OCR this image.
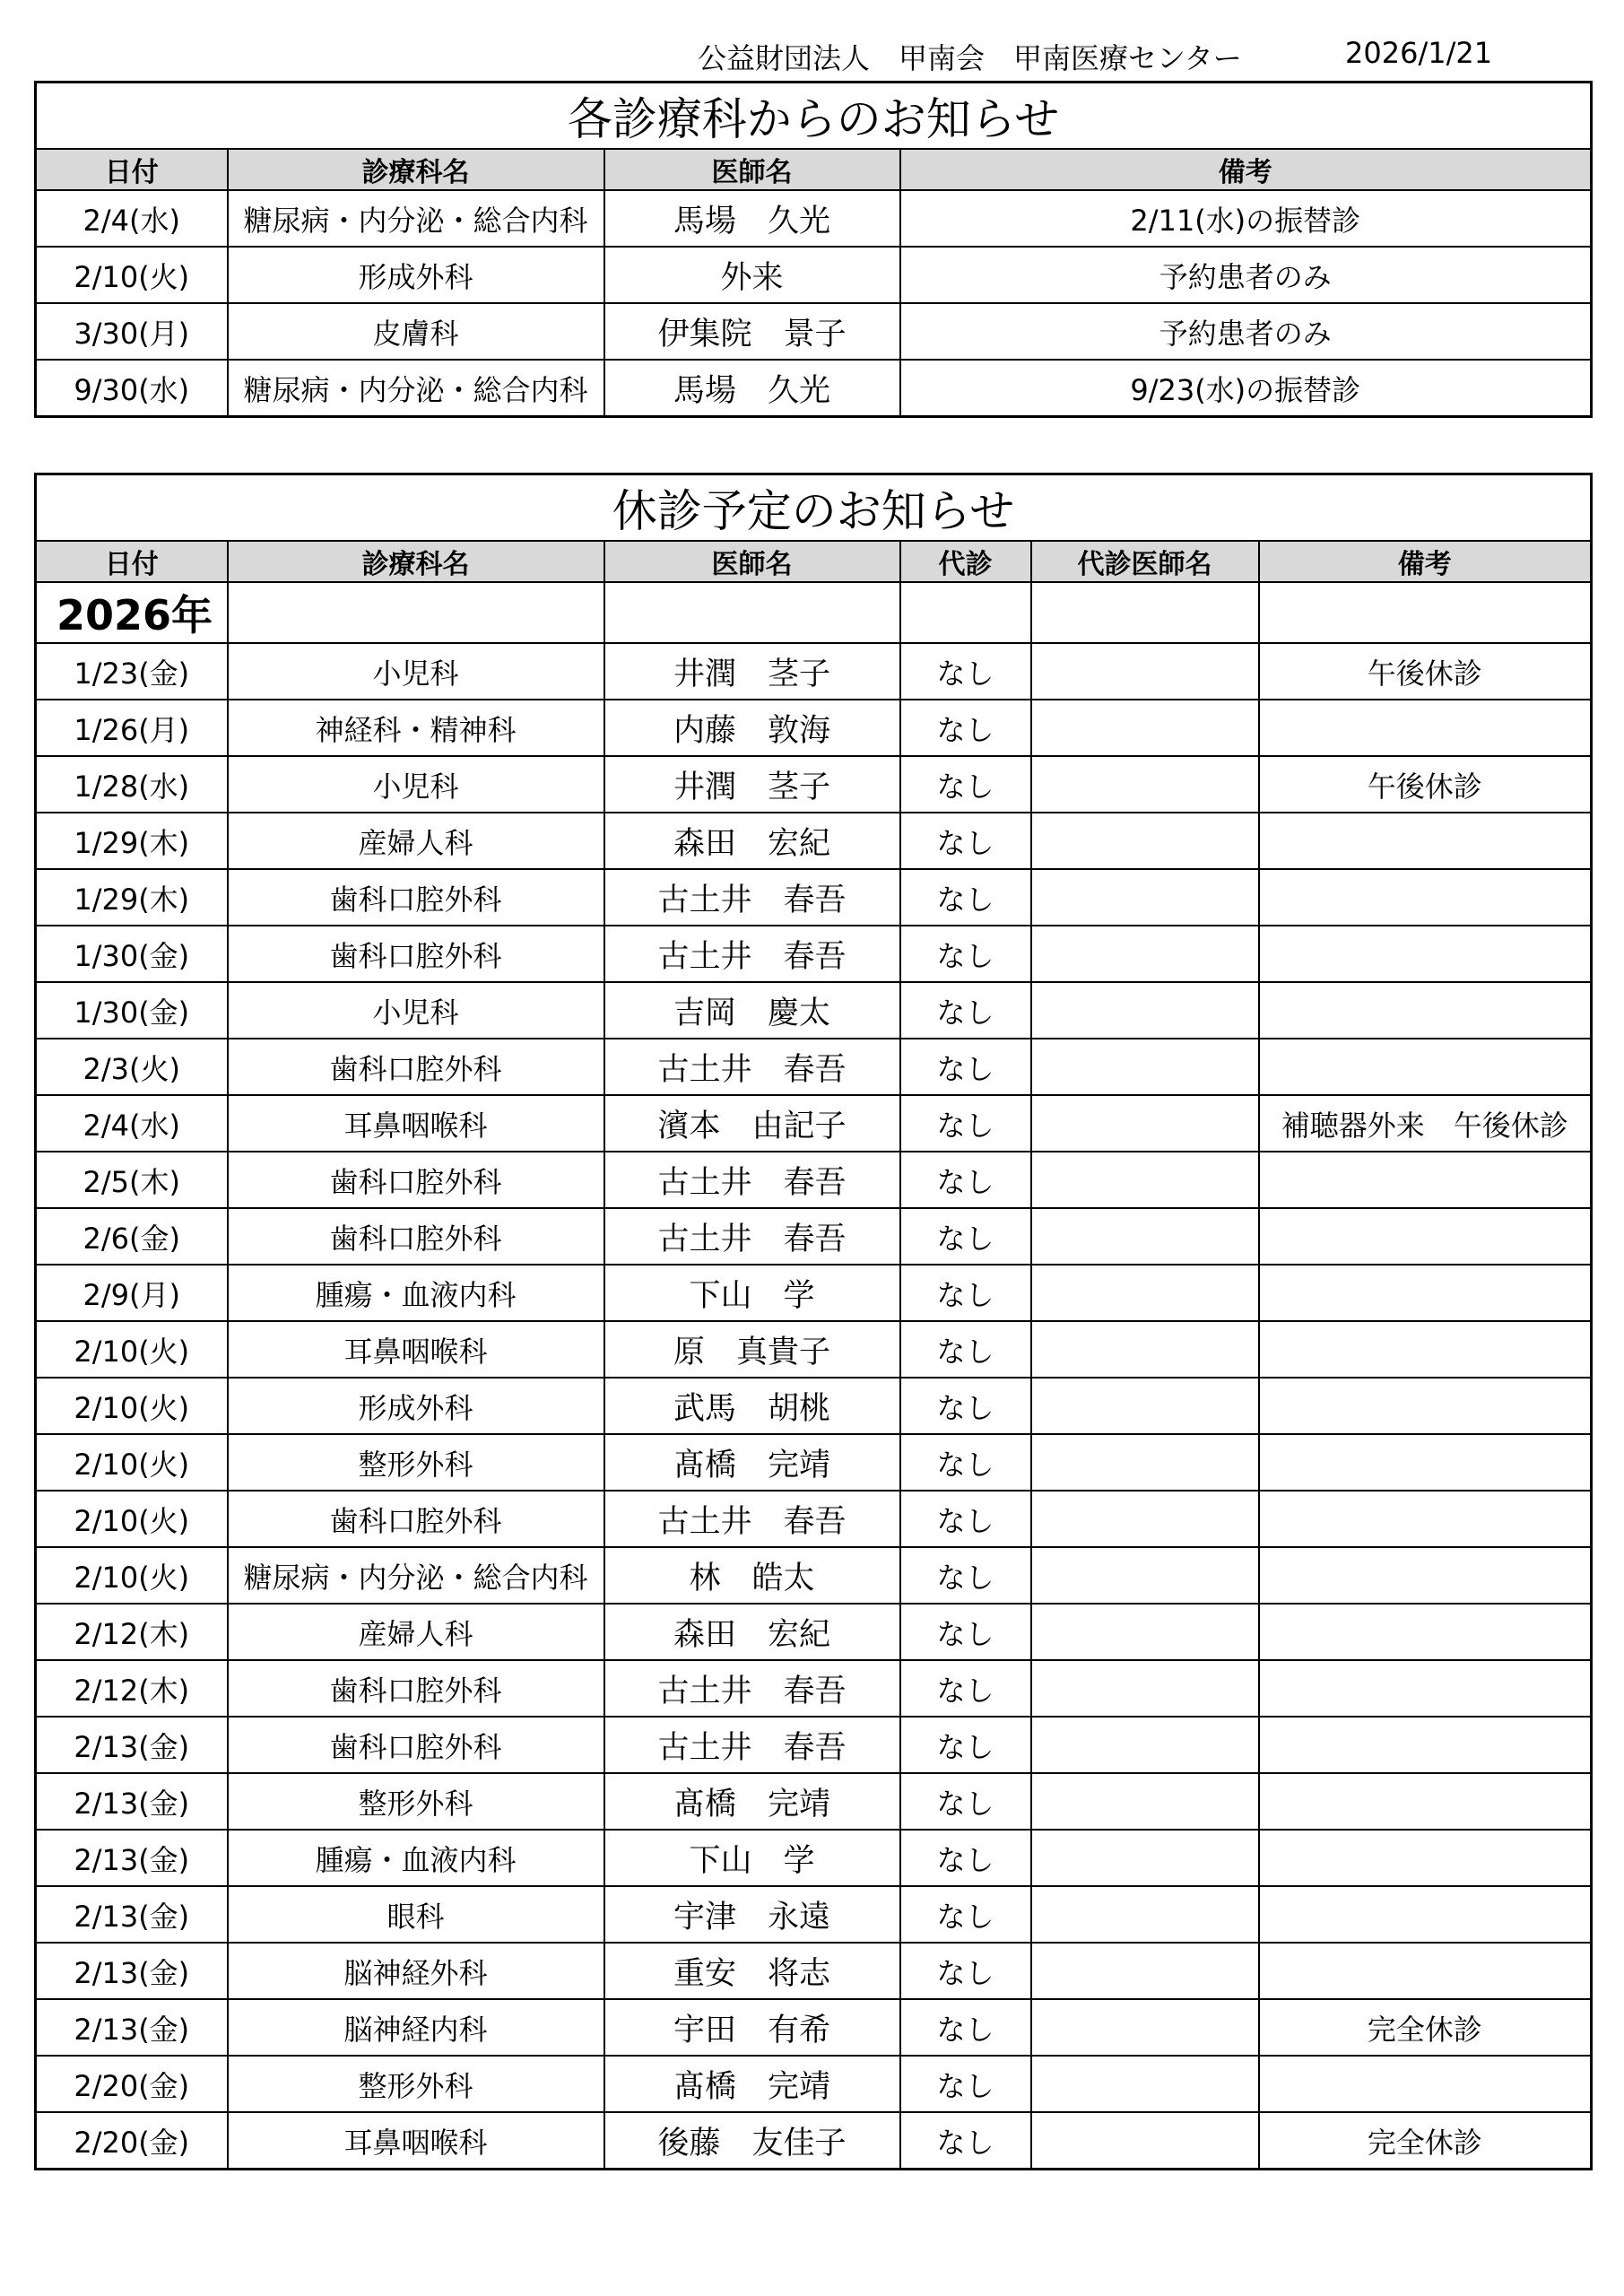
公益財団法人　甲南会　甲南医療センター	2026/1/21
各診療科からのお知らせ			
日付	診療科名	医師名	備考
2/4(水)	糖尿病・内分泌・総合内科	馬場　久光	2/11(水)の振替診
2/10(火)	形成外科	外来	予約患者のみ
3/30(月)	皮膚科	伊集院　景子	予約患者のみ
9/30(水)	糖尿病・内分泌・総合内科	馬場　久光	9/23(水)の振替診
休診予定のお知らせ					
日付	診療科名	医師名	代診	代診医師名	備考
2026年					
1/23(金)	小児科	井潤　茎子	なし		午後休診
1/26(月)	神経科・精神科	内藤　敦海	なし		
1/28(水)	小児科	井潤　茎子	なし		午後休診
1/29(木)	産婦人科	森田　宏紀	なし		
1/29(木)	歯科口腔外科	古土井　春吾	なし		
1/30(金)	歯科口腔外科	古土井　春吾	なし		
1/30(金)	小児科	吉岡　慶太	なし		
2/3(火)	歯科口腔外科	古土井　春吾	なし		
2/4(水)	耳鼻咽喉科	濱本　由記子	なし		補聴器外来　午後休診
2/5(木)	歯科口腔外科	古土井　春吾	なし		
2/6(金)	歯科口腔外科	古土井　春吾	なし		
2/9(月)	腫瘍・血液内科	下山　学	なし		
2/10(火)	耳鼻咽喉科	原　真貴子	なし		
2/10(火)	形成外科	武馬　胡桃	なし		
2/10(火)	整形外科	髙橋　完靖	なし		
2/10(火)	歯科口腔外科	古土井　春吾	なし		
2/10(火)	糖尿病・内分泌・総合内科	林　皓太	なし		
2/12(木)	産婦人科	森田　宏紀	なし		
2/12(木)	歯科口腔外科	古土井　春吾	なし		
2/13(金)	歯科口腔外科	古土井　春吾	なし		
2/13(金)	整形外科	髙橋　完靖	なし		
2/13(金)	腫瘍・血液内科	下山　学	なし		
2/13(金)	眼科	宇津　永遠	なし		
2/13(金)	脳神経外科	重安　将志	なし		
2/13(金)	脳神経内科	宇田　有希	なし		完全休診
2/20(金)	整形外科	髙橋　完靖	なし		
2/20(金)	耳鼻咽喉科	後藤　友佳子	なし		完全休診
